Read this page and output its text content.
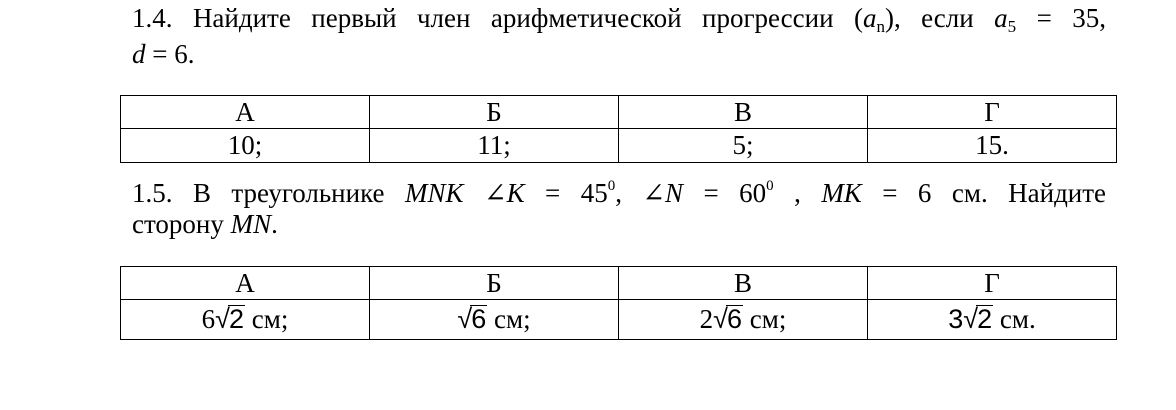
1.4. Найдите первый член арифметической прогрессии $(a_n)$, если $a_5 = 35$,
d = 6.
А	Б	В	Г
10;	11;	5;	15.
1.5. В треугольнике MNK ∠K = $45^0$, ∠N = $60^0$ , MK = 6 см. Найдите
сторону MN.
А	Б	В	Г
6√2 см;	√6 см;	2√6 см;	3√2 см.
